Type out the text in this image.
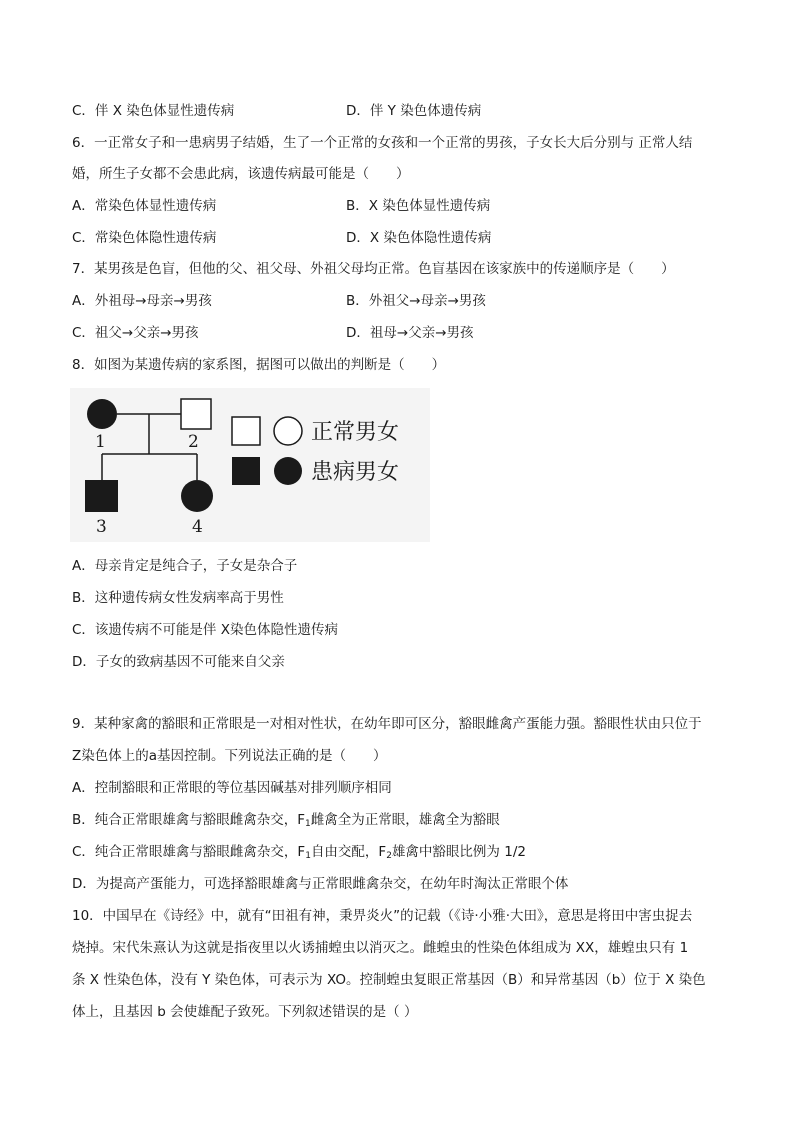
C．伴 X 染色体显性遗传病	D．伴 Y 染色体遗传病
6．一正常女子和一患病男子结婚，生了一个正常的女孩和一个正常的男孩，子女长大后分别与 正常人结
婚，所生子女都不会患此病，该遗传病最可能是（　　）
A．常染色体显性遗传病	B．X 染色体显性遗传病
C．常染色体隐性遗传病	D．X 染色体隐性遗传病
7．某男孩是色盲，但他的父、祖父母、外祖父母均正常。色盲基因在该家族中的传递顺序是（　　）
A．外祖母→母亲→男孩	B．外祖父→母亲→男孩
C．祖父→父亲→男孩	D．祖母→父亲→男孩
8．如图为某遗传病的家系图，据图可以做出的判断是（　　）
1	2
3	4
正常男女
患病男女
A．母亲肯定是纯合子，子女是杂合子
B．这种遗传病女性发病率高于男性
C．该遗传病不可能是伴 X染色体隐性遗传病
D．子女的致病基因不可能来自父亲
9．某种家禽的豁眼和正常眼是一对相对性状，在幼年即可区分，豁眼雌禽产蛋能力强。豁眼性状由只位于
Z染色体上的a基因控制。下列说法正确的是（　　）
A．控制豁眼和正常眼的等位基因碱基对排列顺序相同
B．纯合正常眼雄禽与豁眼雌禽杂交，$F_1$雌禽全为正常眼，雄禽全为豁眼
C．纯合正常眼雄禽与豁眼雌禽杂交，$F_1$自由交配，$F_2$雄禽中豁眼比例为 1/2
D．为提高产蛋能力，可选择豁眼雄禽与正常眼雌禽杂交，在幼年时淘汰正常眼个体
10．中国早在《诗经》中，就有“田祖有神，秉畀炎火”的记载（《诗·小雅·大田》，意思是将田中害虫捉去
烧掉。宋代朱熹认为这就是指夜里以火诱捕蝗虫以消灭之。雌蝗虫的性染色体组成为 XX，雄蝗虫只有 1
条 X 性染色体，没有 Y 染色体，可表示为 XO。控制蝗虫复眼正常基因（B）和异常基因（b）位于 X 染色
体上，且基因 b 会使雄配子致死。下列叙述错误的是（ ）
